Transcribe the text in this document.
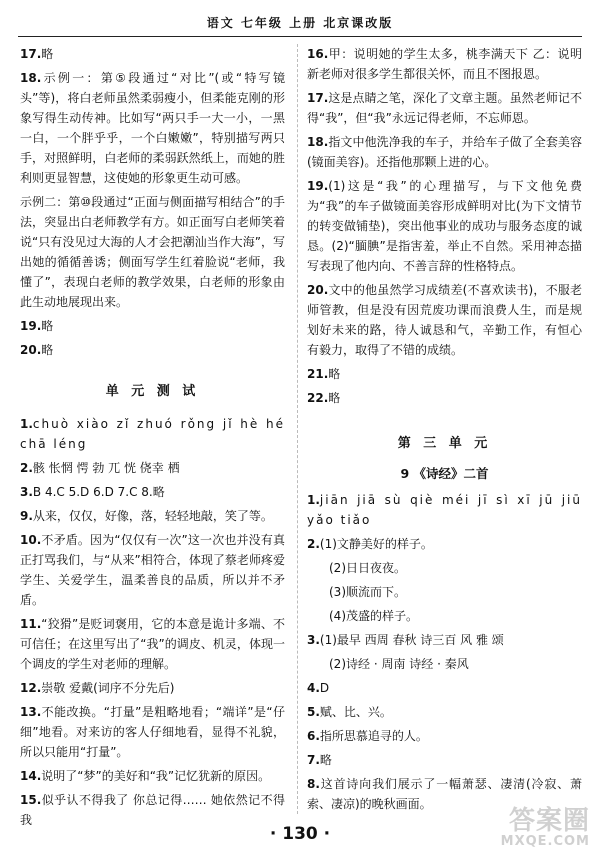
语文 七年级 上册 北京课改版
17.略
18.示例一：第⑤段通过“对比”(或“特写镜头”等)，将白老师虽然柔弱瘦小，但柔能克刚的形象写得生动传神。比如写“两只手一大一小，一黑一白，一个胖乎乎，一个白嫩嫩”，特别描写两只手，对照鲜明，白老师的柔弱跃然纸上，而她的胜利则更显智慧，这使她的形象更生动可感。
示例二：第⑩段通过“正面与侧面描写相结合”的手法，突显出白老师教学有方。如正面写白老师笑着说“只有没见过大海的人才会把潮汕当作大海”，写出她的循循善诱；侧面写学生红着脸说“老师，我懂了”，表现白老师的教学效果，白老师的形象由此生动地展现出来。
19.略
20.略
单 元 测 试
1.chuò xiào zǐ zhuó rǒng jǐ hè hé chā léng
2.骸 怅惘 愕 勃 兀 恍 侥幸 栖
3.B 4.C 5.D 6.D 7.C 8.略
9.从来，仅仅，好像，落，轻轻地敲，笑了等。
10.不矛盾。因为“仅仅有一次”这一次也并没有真正打骂我们，与“从来”相符合，体现了蔡老师疼爱学生、关爱学生，温柔善良的品质，所以并不矛盾。
11.“狡猾”是贬词褒用，它的本意是诡计多端、不可信任；在这里写出了“我”的调皮、机灵，体现一个调皮的学生对老师的理解。
12.崇敬 爱戴(词序不分先后)
13.不能改换。“打量”是粗略地看；“端详”是“仔细”地看。对来访的客人仔细地看，显得不礼貌，所以只能用“打量”。
14.说明了“梦”的美好和“我”记忆犹新的原因。
15.似乎认不得我了 你总记得…… 她依然记不得我
16.甲：说明她的学生太多，桃李满天下 乙：说明新老师对很多学生都很关怀，而且不图报恩。
17.这是点睛之笔，深化了文章主题。虽然老师记不得“我”，但“我”永远记得老师，不忘师恩。
18.指文中他洗净我的车子，并给车子做了全套美容(镜面美容)。还指他那颗上进的心。
19.(1)这是“我”的心理描写，与下文他免费为“我”的车子做镜面美容形成鲜明对比(为下文情节的转变做铺垫)，突出他事业的成功与服务态度的诚恳。(2)“腼腆”是指害羞，举止不自然。采用神态描写表现了他内向、不善言辞的性格特点。
20.文中的他虽然学习成绩差(不喜欢读书)，不服老师管教，但是没有因荒废功课而浪费人生，而是规划好未来的路，待人诚恳和气，辛勤工作，有恒心有毅力，取得了不错的成绩。
21.略
22.略
第 三 单 元
9 《诗经》二首
1.jiān jiā sù qiè méi jī sì xī jū jiū yǎo tiǎo
2.(1)文静美好的样子。
(2)日日夜夜。
(3)顺流而下。
(4)茂盛的样子。
3.(1)最早 西周 春秋 诗三百 风 雅 颂
(2)诗经 · 周南 诗经 · 秦风
4.D
5.赋、比、兴。
6.指所思慕追寻的人。
7.略
8.这首诗向我们展示了一幅萧瑟、凄清(冷寂、萧索、凄凉)的晚秋画面。
· 130 ·	答案圈
MXQE.COM
